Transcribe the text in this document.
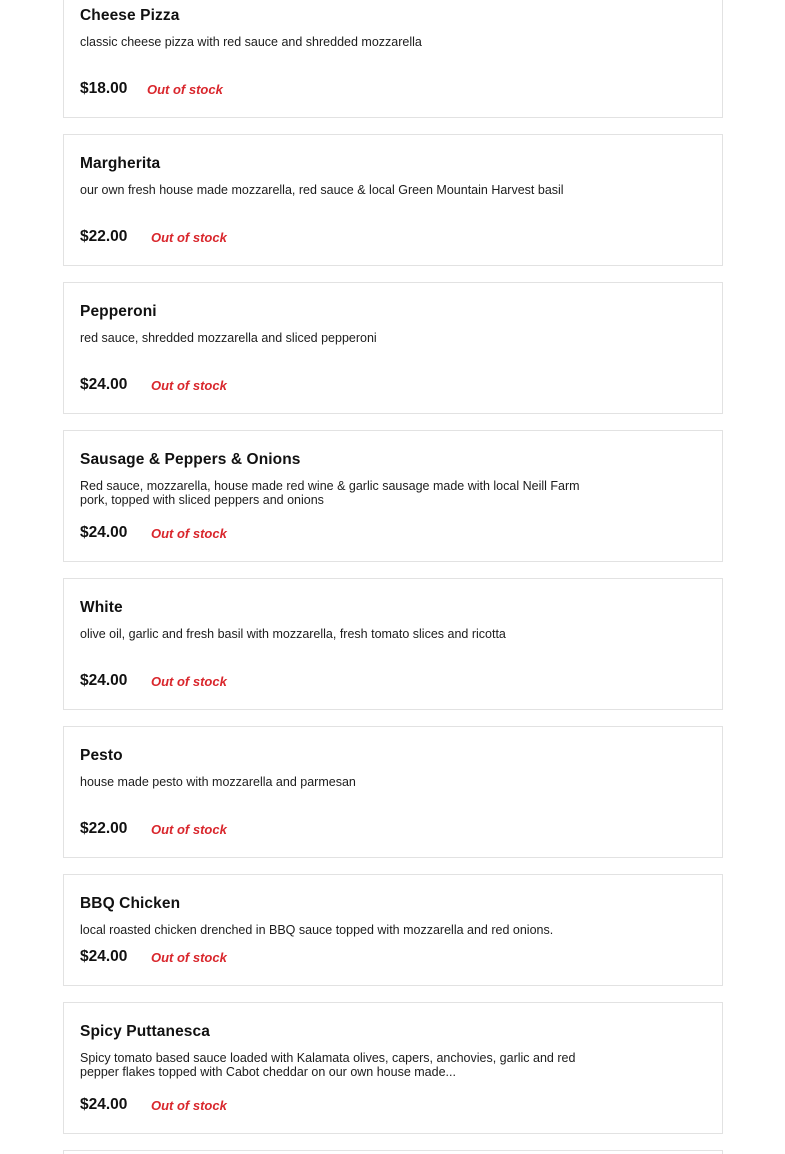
Cheese Pizza
classic cheese pizza with red sauce and shredded mozzarella
$18.00 Out of stock
Margherita
our own fresh house made mozzarella, red sauce & local Green Mountain Harvest basil
$22.00 Out of stock
Pepperoni
red sauce, shredded mozzarella and sliced pepperoni
$24.00 Out of stock
Sausage & Peppers & Onions
Red sauce, mozzarella, house made red wine & garlic sausage made with local Neill Farm pork, topped with sliced peppers and onions
$24.00 Out of stock
White
olive oil, garlic and fresh basil with mozzarella, fresh tomato slices and ricotta
$24.00 Out of stock
Pesto
house made pesto with mozzarella and parmesan
$22.00 Out of stock
BBQ Chicken
local roasted chicken drenched in BBQ sauce topped with mozzarella and red onions.
$24.00 Out of stock
Spicy Puttanesca
Spicy tomato based sauce loaded with Kalamata olives, capers, anchovies, garlic and red pepper flakes topped with Cabot cheddar on our own house made...
$24.00 Out of stock
